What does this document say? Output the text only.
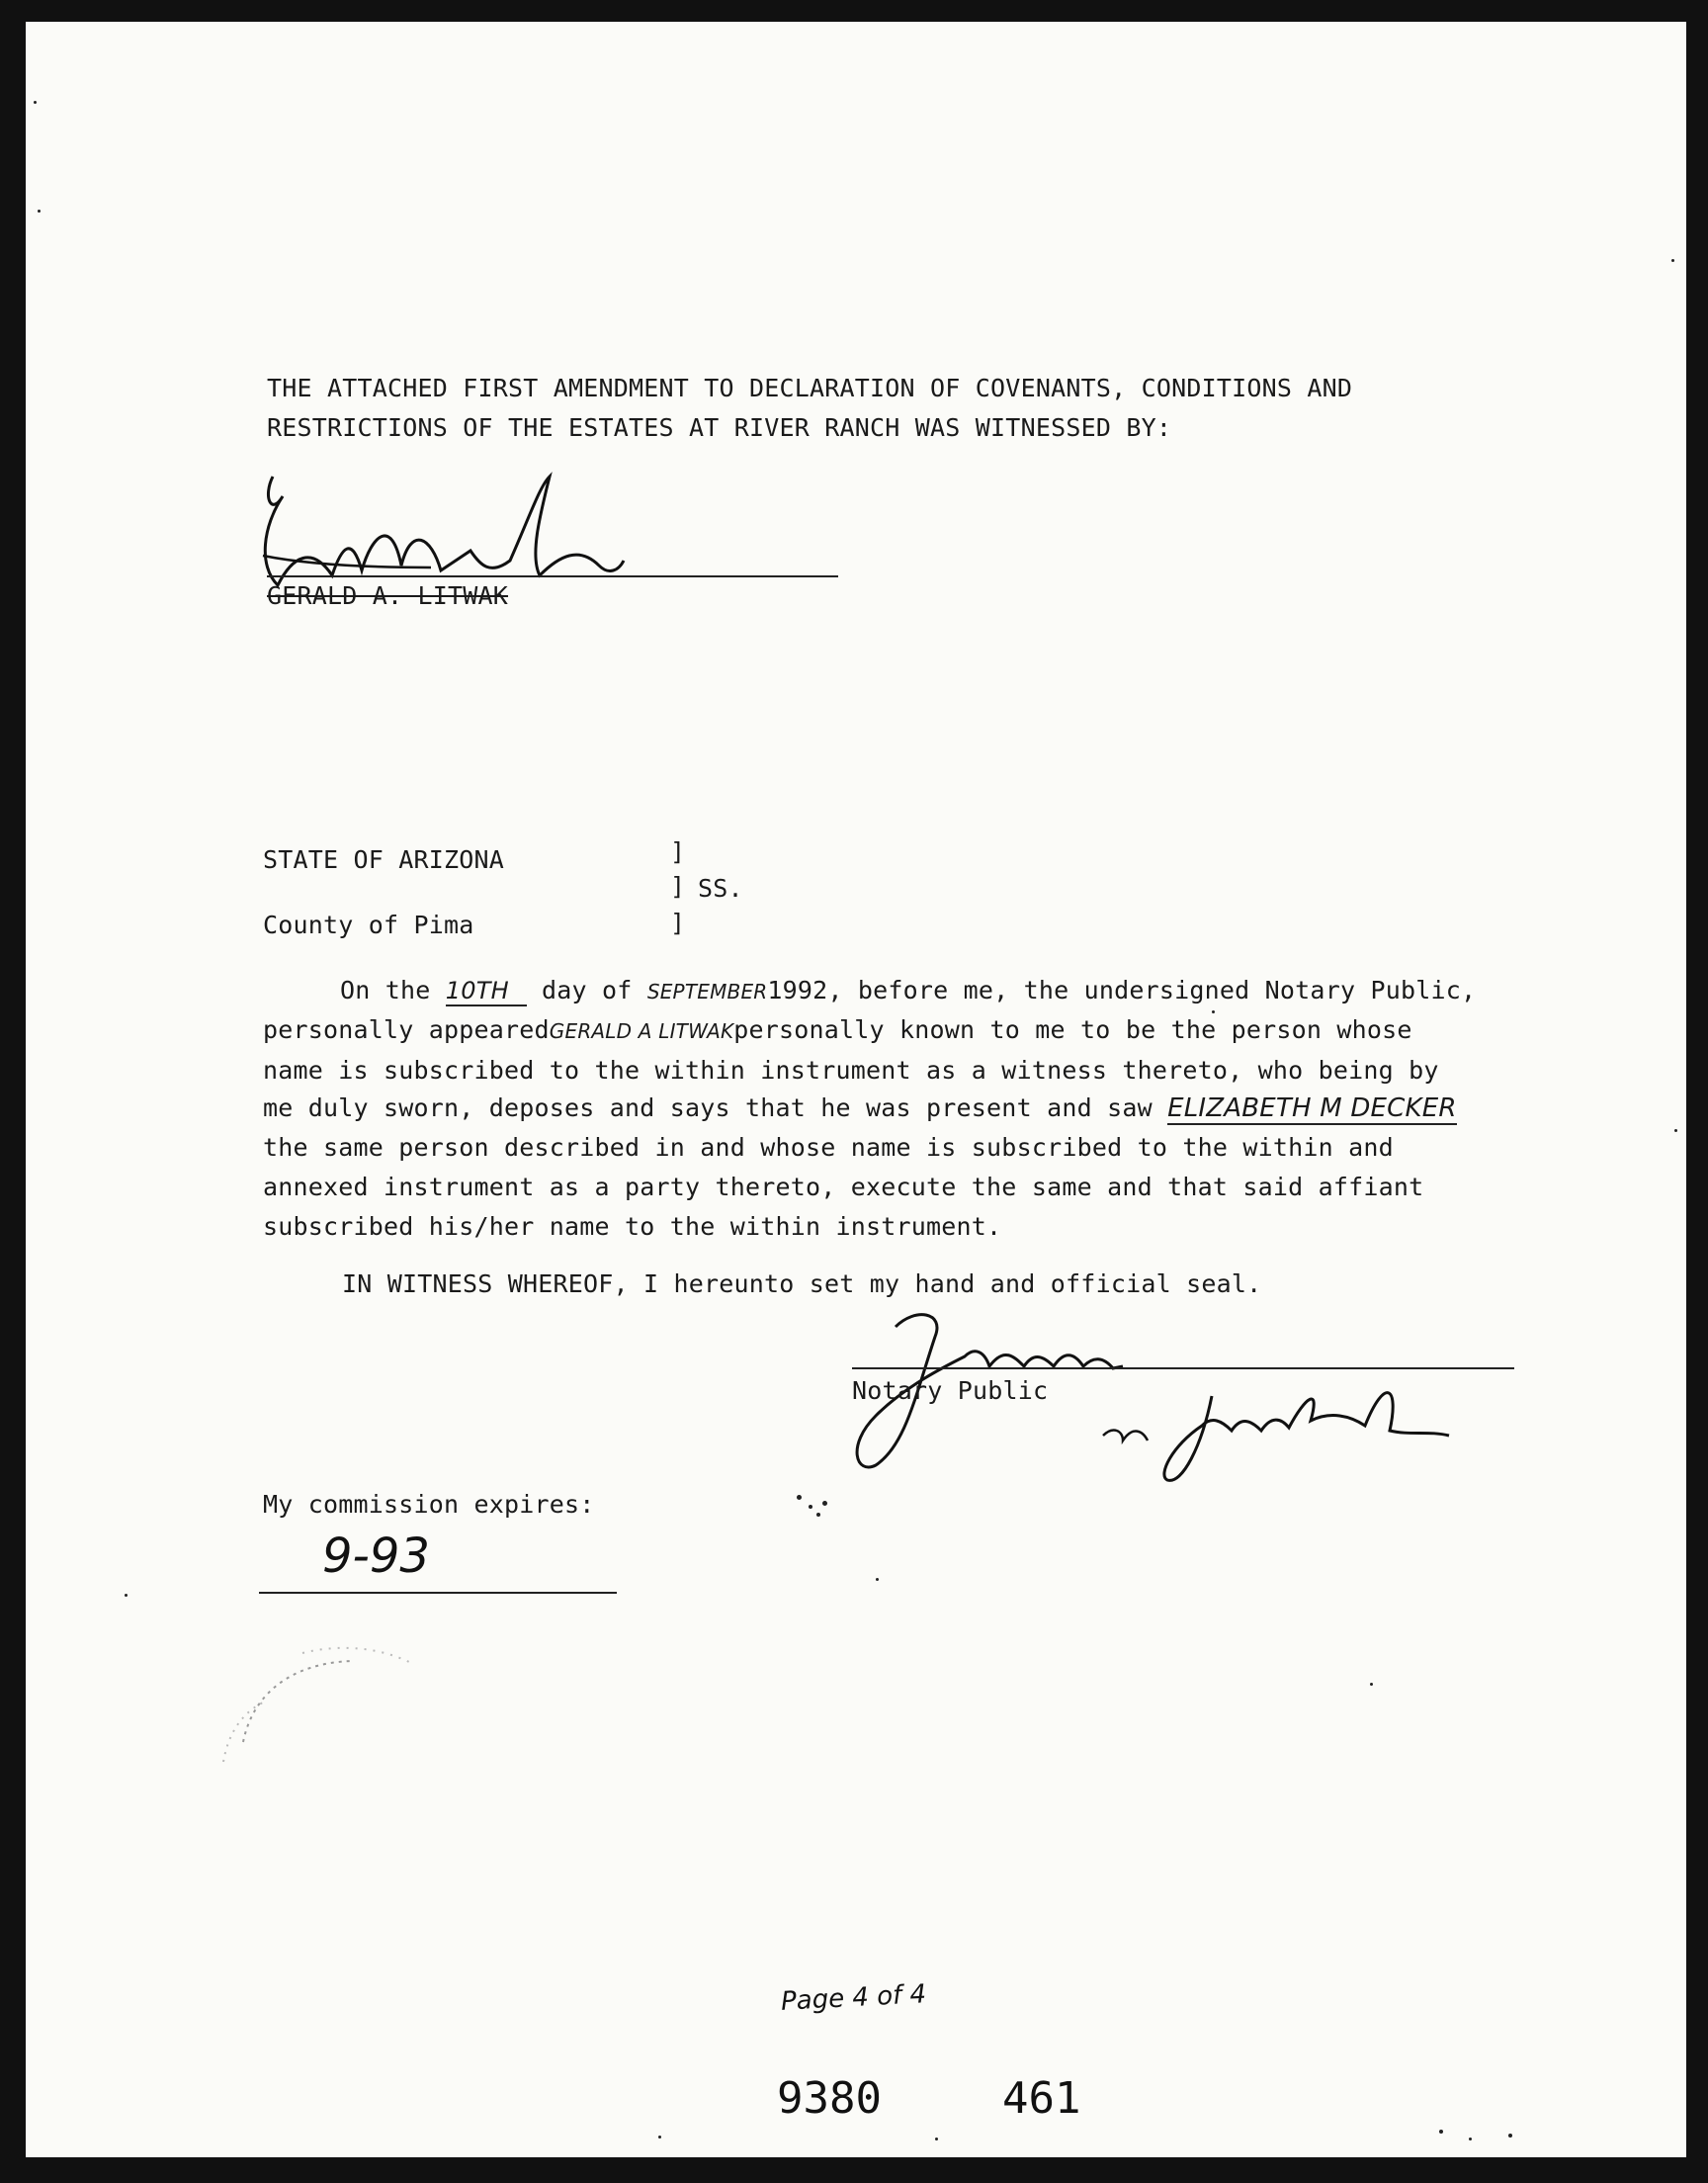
THE ATTACHED FIRST AMENDMENT TO DECLARATION OF COVENANTS, CONDITIONS AND
RESTRICTIONS OF THE ESTATES AT RIVER RANCH WAS WITNESSED BY:
GERALD A. LITWAK
STATE OF ARIZONA	]
] SS.
]
County of Pima
On the 10TH day of SEPTEMBER1992, before me, the undersigned Notary Public,
personally appearedGERALD A LITWAKpersonally known to me to be the person whose
name is subscribed to the within instrument as a witness thereto, who being by
me duly sworn, deposes and says that he was present and saw ELIZABETH M DECKER
the same person described in and whose name is subscribed to the within and
annexed instrument as a party thereto, execute the same and that said affiant
subscribed his/her name to the within instrument.
IN WITNESS WHEREOF, I hereunto set my hand and official seal.
Notary Public
My commission expires:
9-93
Page 4 of 4
9380	461
